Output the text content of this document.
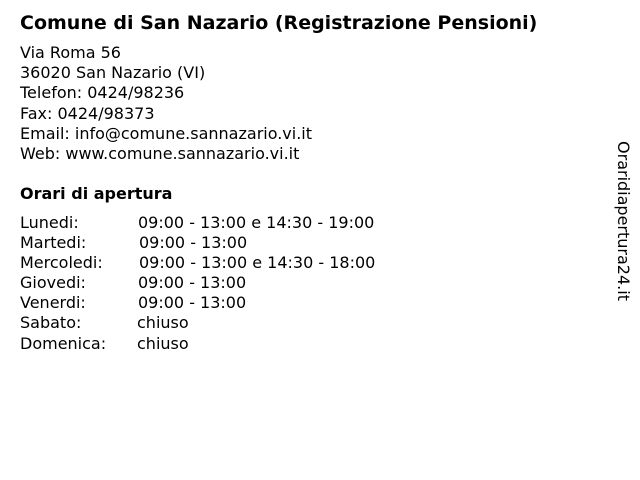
Comune di San Nazario (Registrazione Pensioni)
Via Roma 56
36020 San Nazario (VI)
Telefon: 0424/98236
Fax: 0424/98373
Email: info@comune.sannazario.vi.it
Web: www.comune.sannazario.vi.it
Orari di apertura
Lunedi:	09:00 - 13:00 e 14:30 - 19:00
Martedi:	09:00 - 13:00
Mercoledi: 09:00 - 13:00 e 14:30 - 18:00
Giovedi:	09:00 - 13:00
Venerdi:	09:00 - 13:00
Sabato:	chiuso
Domenica: chiuso
Oraridiapertura24.it
